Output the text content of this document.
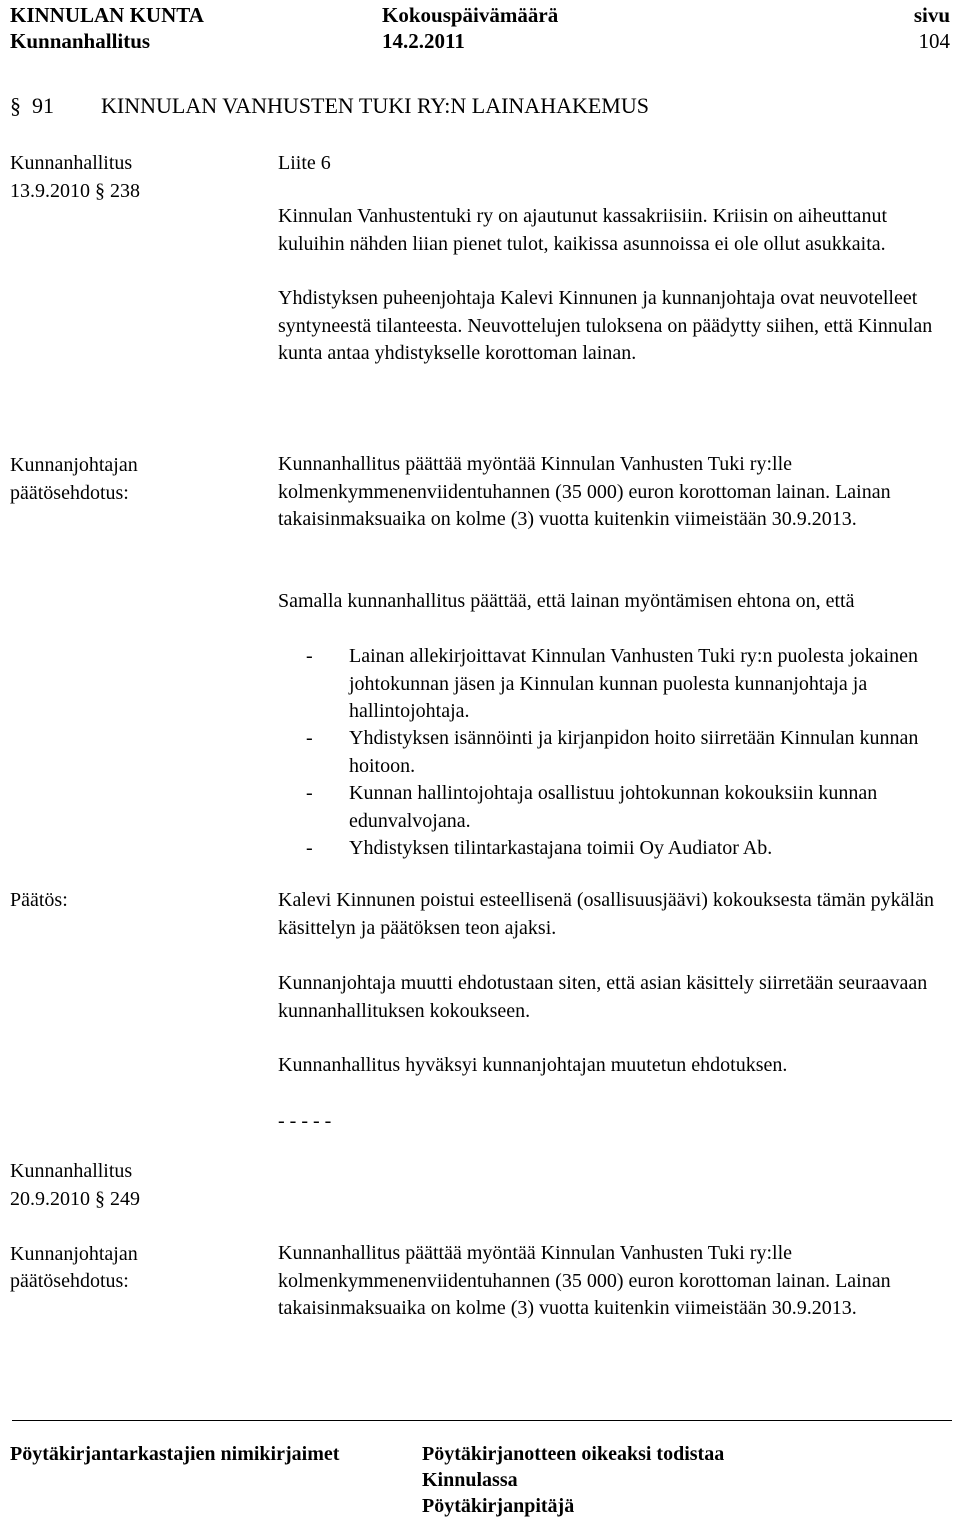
KINNULAN KUNTA
Kunnanhallitus
Kokouspäivämäärä
14.2.2011
sivu
104
§ 91 KINNULAN VANHUSTEN TUKI RY:N LAINAHAKEMUS
Kunnanhallitus
13.9.2010 § 238
Liite 6

Kinnulan Vanhustentuki ry on ajautunut kassakriisiin. Kriisin on aiheuttanut kuluihin nähden liian pienet tulot, kaikissa asunnoissa ei ole ollut asukkaita.

Yhdistyksen puheenjohtaja Kalevi Kinnunen ja kunnanjohtaja ovat neuvotelleet syntyneestä tilanteesta. Neuvottelujen tuloksena on päädytty siihen, että Kinnulan kunta antaa yhdistykselle korottoman lainan.

Kunnanjohtajan
päätösehdotus:
Kunnanhallitus päättää myöntää Kinnulan Vanhusten Tuki ry:lle kolmenkymmenenviidentuhannen (35 000) euron korottoman lainan. Lainan takaisinmaksuaika on kolme (3) vuotta kuitenkin viimeistään 30.9.2013.
Samalla kunnanhallitus päättää, että lainan myöntämisen ehtona on, että
- Lainan allekirjoittavat Kinnulan Vanhusten Tuki ry:n puolesta jokainen johtokunnan jäsen ja Kinnulan kunnan puolesta kunnanjohtaja ja hallintojohtaja.
- Yhdistyksen isännöinti ja kirjanpidon hoito siirretään Kinnulan kunnan hoitoon.
- Kunnan hallintojohtaja osallistuu johtokunnan kokouksiin kunnan edunvalvojana.
- Yhdistyksen tilintarkastajana toimii Oy Audiator Ab.
Päätös:	Kalevi Kinnunen poistui esteellisenä (osallisuusjäävi) kokouksesta tämän pykälän käsittelyn ja päätöksen teon ajaksi.
Kunnanjohtaja muutti ehdotustaan siten, että asian käsittely siirretään seuraavaan kunnanhallituksen kokoukseen.
Kunnanhallitus hyväksyi kunnanjohtajan muutetun ehdotuksen.
- - - - -
Kunnanhallitus
20.9.2010 § 249
Kunnanjohtajan
päätösehdotus:
Kunnanhallitus päättää myöntää Kinnulan Vanhusten Tuki ry:lle kolmenkymmenenviidentuhannen (35 000) euron korottoman lainan. Lainan takaisinmaksuaika on kolme (3) vuotta kuitenkin viimeistään 30.9.2013.
Pöytäkirjantarkastajien nimikirjaimet	Pöytäkirjanotteen oikeaksi todistaa
Kinnulassa
Pöytäkirjanpitäjä
